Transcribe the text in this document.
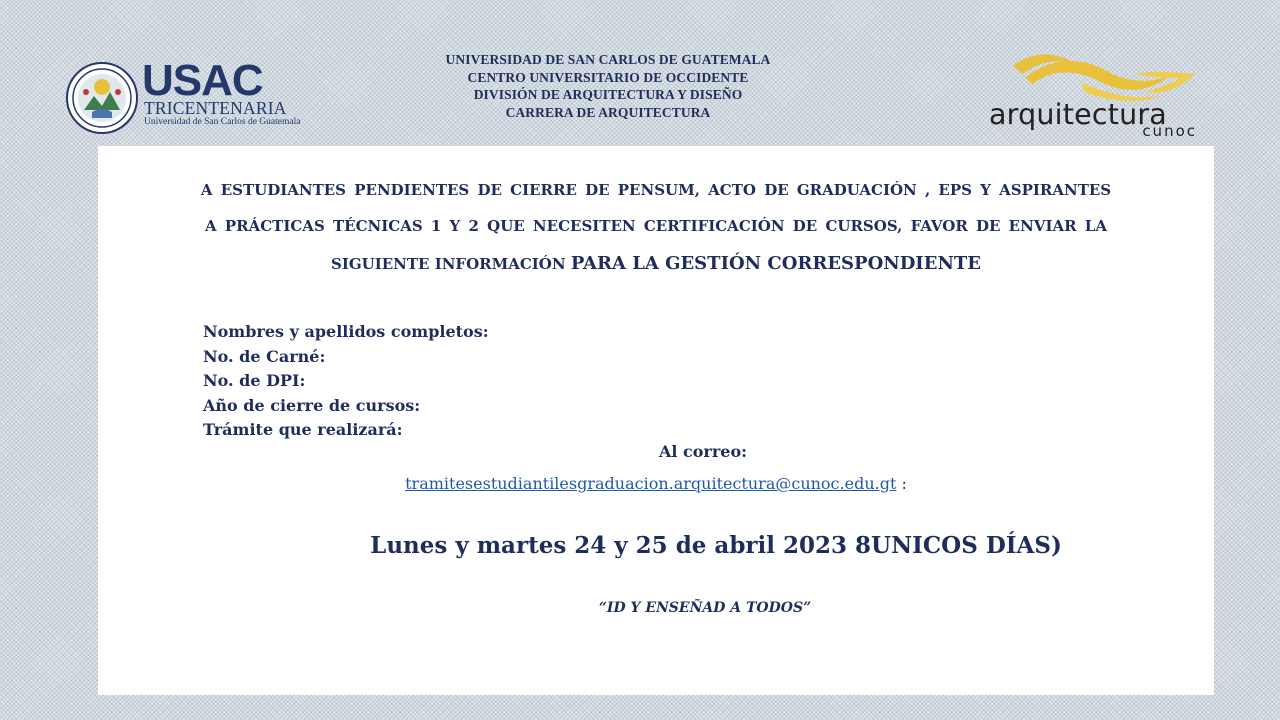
UNIVERSIDAD DE SAN CARLOS DE GUATEMALA
CENTRO UNIVERSITARIO DE OCCIDENTE
DIVISIÓN DE ARQUITECTURA Y DISEÑO
CARRERA DE ARQUITECTURA
USAC
TRICENTENARIA
Universidad de San Carlos de Guatemala	arquitectura
cunoc
A ESTUDIANTES PENDIENTES DE CIERRE DE PENSUM, ACTO DE GRADUACIÓN , EPS Y ASPIRANTES
A PRÁCTICAS TÉCNICAS 1 Y 2 QUE NECESITEN CERTIFICACIÓN DE CURSOS, FAVOR DE ENVIAR LA
SIGUIENTE INFORMACIÓN PARA LA GESTIÓN CORRESPONDIENTE
Nombres y apellidos completos:
No. de Carné:
No. de DPI:
Año de cierre de cursos:
Trámite que realizará:
Al correo:
tramitesestudiantilesgraduacion.arquitectura@cunoc.edu.gt :
Lunes y martes 24 y 25 de abril 2023 8UNICOS DÍAS)
“ID Y ENSEÑAD A TODOS”
